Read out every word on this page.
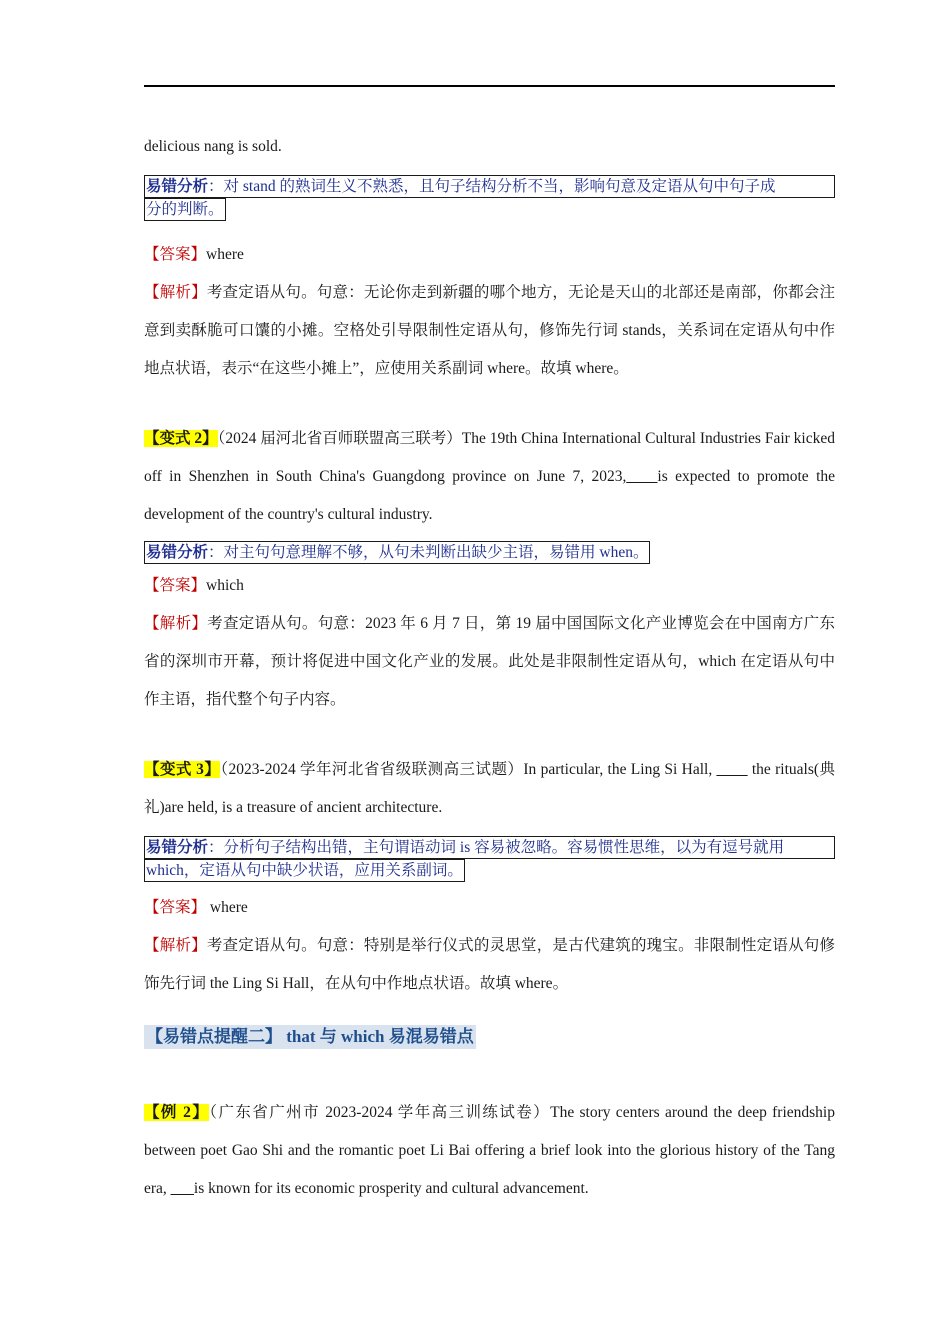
delicious nang is sold.

易错分析：对 stand 的熟词生义不熟悉，且句子结构分析不当，影响句意及定语从句中句子成
分的判断。

【答案】where

【解析】考查定语从句。句意：无论你走到新疆的哪个地方，无论是天山的北部还是南部，你都会注意到卖酥脆可口馕的小摊。空格处引导限制性定语从句，修饰先行词 stands，关系词在定语从句中作地点状语，表示“在这些小摊上”，应使用关系副词 where。故填 where。

【变式 2】（2024 届河北省百师联盟高三联考）The 19th China International Cultural Industries Fair kicked off in Shenzhen in South China's Guangdong province on June 7, 2023,____is expected to promote the development of the country's cultural industry.

易错分析：对主句句意理解不够，从句未判断出缺少主语，易错用 when。

【答案】which

【解析】考查定语从句。句意：2023 年 6 月 7 日，第 19 届中国国际文化产业博览会在中国南方广东省的深圳市开幕，预计将促进中国文化产业的发展。此处是非限制性定语从句，which 在定语从句中作主语，指代整个句子内容。

【变式 3】（2023-2024 学年河北省省级联测高三试题）In particular, the Ling Si Hall, ____ the rituals(典礼)are held, is a treasure of ancient architecture.

易错分析：分析句子结构出错，主句谓语动词 is 容易被忽略。容易惯性思维，以为有逗号就用
which，定语从句中缺少状语，应用关系副词。

【答案】 where

【解析】考查定语从句。句意：特别是举行仪式的灵思堂，是古代建筑的瑰宝。非限制性定语从句修饰先行词 the Ling Si Hall，在从句中作地点状语。故填 where。

【易错点提醒二】 that 与 which 易混易错点

【例 2】（广东省广州市 2023-2024 学年高三训练试卷）The story centers around the deep friendship between poet Gao Shi and the romantic poet Li Bai offering a brief look into the glorious history of the Tang era, ___is known for its economic prosperity and cultural advancement.
